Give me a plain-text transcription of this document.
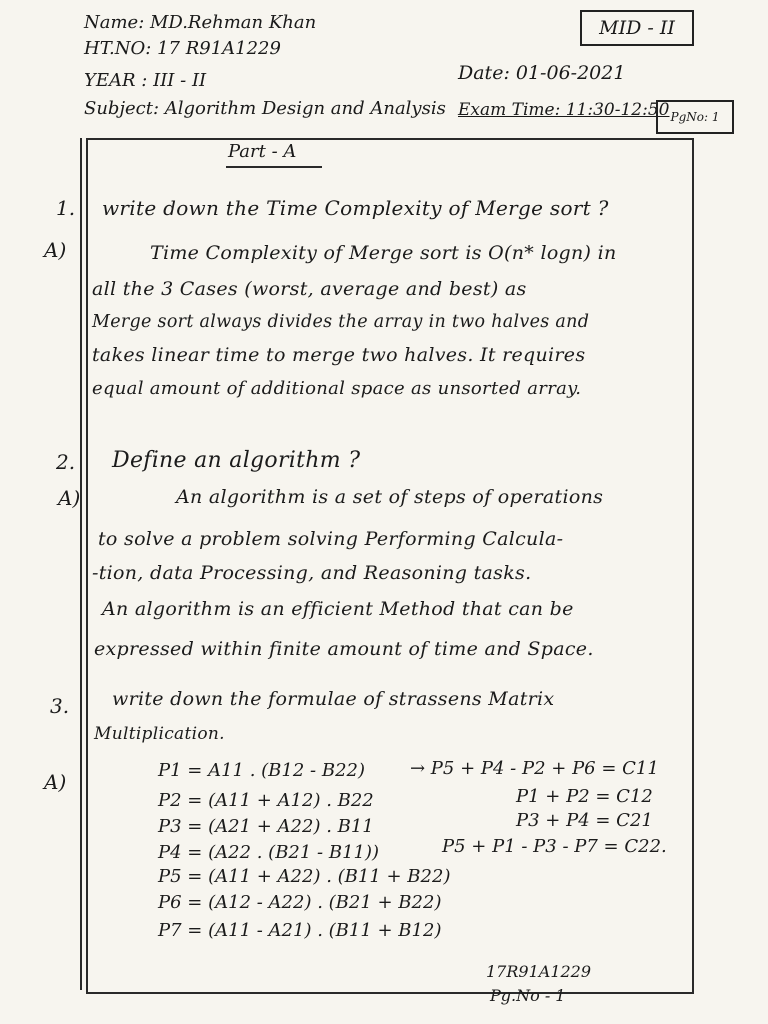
Name: MD.Rehman Khan
HT.NO: 17 R91A1229
YEAR : III - II
Subject: Algorithm Design and Analysis
MID - II
Date: 01-06-2021
Exam Time: 11:30-12:50 PgNo: 1
Part - A
1. write down the Time Complexity of Merge sort ?
A)	Time Complexity of Merge sort is O(n* logn) in
all the 3 Cases (worst, average and best) as
Merge sort always divides the array in two halves and
takes linear time to merge two halves. It requires
equal amount of additional space as unsorted array.
2. Define an algorithm ?
A)	An algorithm is a set of steps of operations
to solve a problem solving Performing Calcula-
-tion, data Processing, and Reasoning tasks.
An algorithm is an efficient Method that can be
expressed within finite amount of time and Space.
3. write down the formulae of strassens Matrix
Multiplication.
A)	P1 = A11 . (B12 - B22)
P2 = (A11 + A12) . B22
P3 = (A21 + A22) . B11
P4 = (A22 . (B21 - B11))
P5 = (A11 + A22) . (B11 + B22)
P6 = (A12 - A22) . (B21 + B22)
P7 = (A11 - A21) . (B11 + B12)
→ P5 + P4 - P2 + P6 = C11
P1 + P2 = C12
P3 + P4 = C21
P5 + P1 - P3 - P7 = C22.
17R91A1229
Pg.No - 1
